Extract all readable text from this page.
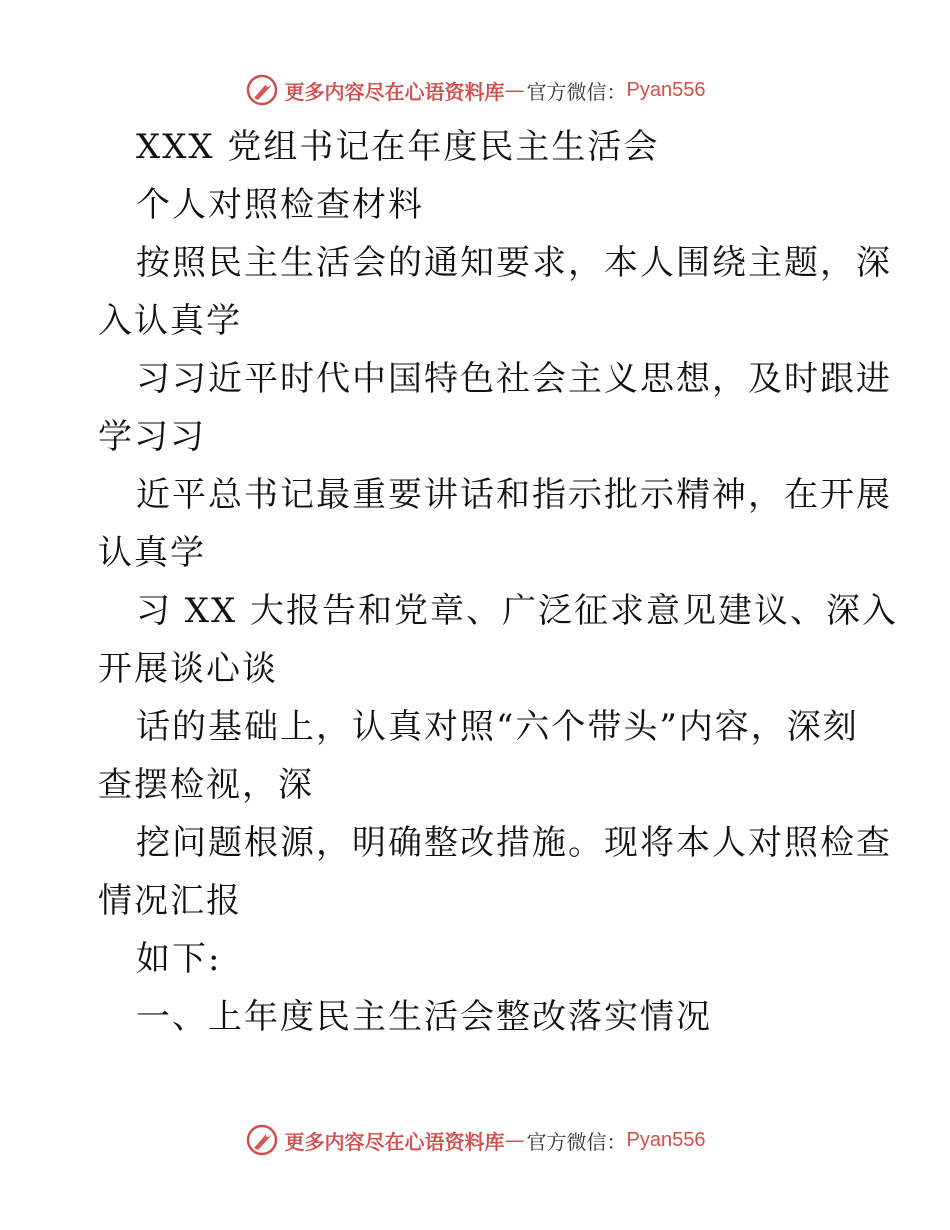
更多内容尽在心语资料库 — 官方微信： Pyan556
XXX 党组书记在年度民主生活会
个人对照检查材料
按照民主生活会的通知要求，本人围绕主题，深
入认真学
习习近平时代中国特色社会主义思想，及时跟进
学习习
近平总书记最重要讲话和指示批示精神，在开展
认真学
习 XX 大报告和党章、广泛征求意见建议、深入
开展谈心谈
话的基础上，认真对照“六个带头”内容，深刻
查摆检视，深
挖问题根源，明确整改措施。现将本人对照检查
情况汇报
如下:
一、上年度民主生活会整改落实情况
更多内容尽在心语资料库 — 官方微信： Pyan556
